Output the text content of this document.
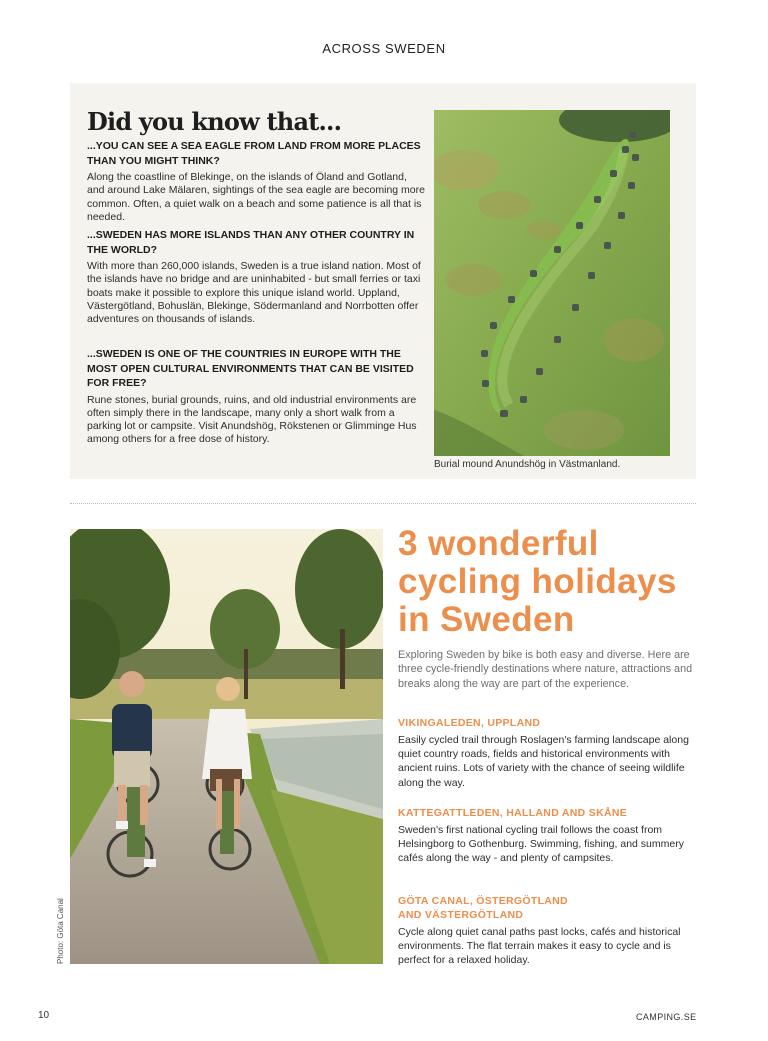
ACROSS SWEDEN
Did you know that...

...YOU CAN SEE A SEA EAGLE FROM LAND FROM MORE PLACES THAN YOU MIGHT THINK?

Along the coastline of Blekinge, on the islands of Öland and Gotland, and around Lake Mälaren, sightings of the sea eagle are becoming more common. Often, a quiet walk on a beach and some patience is all that is needed.

...SWEDEN HAS MORE ISLANDS THAN ANY OTHER COUNTRY IN THE WORLD?

With more than 260,000 islands, Sweden is a true island nation. Most of the islands have no bridge and are uninhabited - but small ferries or taxi boats make it possible to explore this unique island world. Uppland, Västergötland, Bohuslän, Blekinge, Södermanland and Norrbotten offer adventures on thousands of islands.

...SWEDEN IS ONE OF THE COUNTRIES IN EUROPE WITH THE MOST OPEN CULTURAL ENVIRONMENTS THAT CAN BE VISITED FOR FREE?

Rune stones, burial grounds, ruins, and old industrial environments are often simply there in the landscape, many only a short walk from a parking lot or campsite. Visit Anundshög, Rökstenen or Glimminge Hus among others for a free dose of history.

Burial mound Anundshög in Västmanland.
Photo: Göta Canal
3 wonderful
cycling holidays
in Sweden

Exploring Sweden by bike is both easy and diverse. Here are three cycle-friendly destinations where nature, attractions and breaks along the way are part of the experience.

VIKINGALEDEN, UPPLAND

Easily cycled trail through Roslagen's farming landscape along quiet country roads, fields and historical environments with ancient ruins. Lots of variety with the chance of seeing wildlife along the way.

KATTEGATTLEDEN, HALLAND AND SKÅNE

Sweden's first national cycling trail follows the coast from Helsingborg to Gothenburg. Swimming, fishing, and summery cafés along the way - and plenty of campsites.

GÖTA CANAL, ÖSTERGÖTLAND
AND VÄSTERGÖTLAND

Cycle along quiet canal paths past locks, cafés and historical environments. The flat terrain makes it easy to cycle and is perfect for a relaxed holiday.

10	CAMPING.SE
